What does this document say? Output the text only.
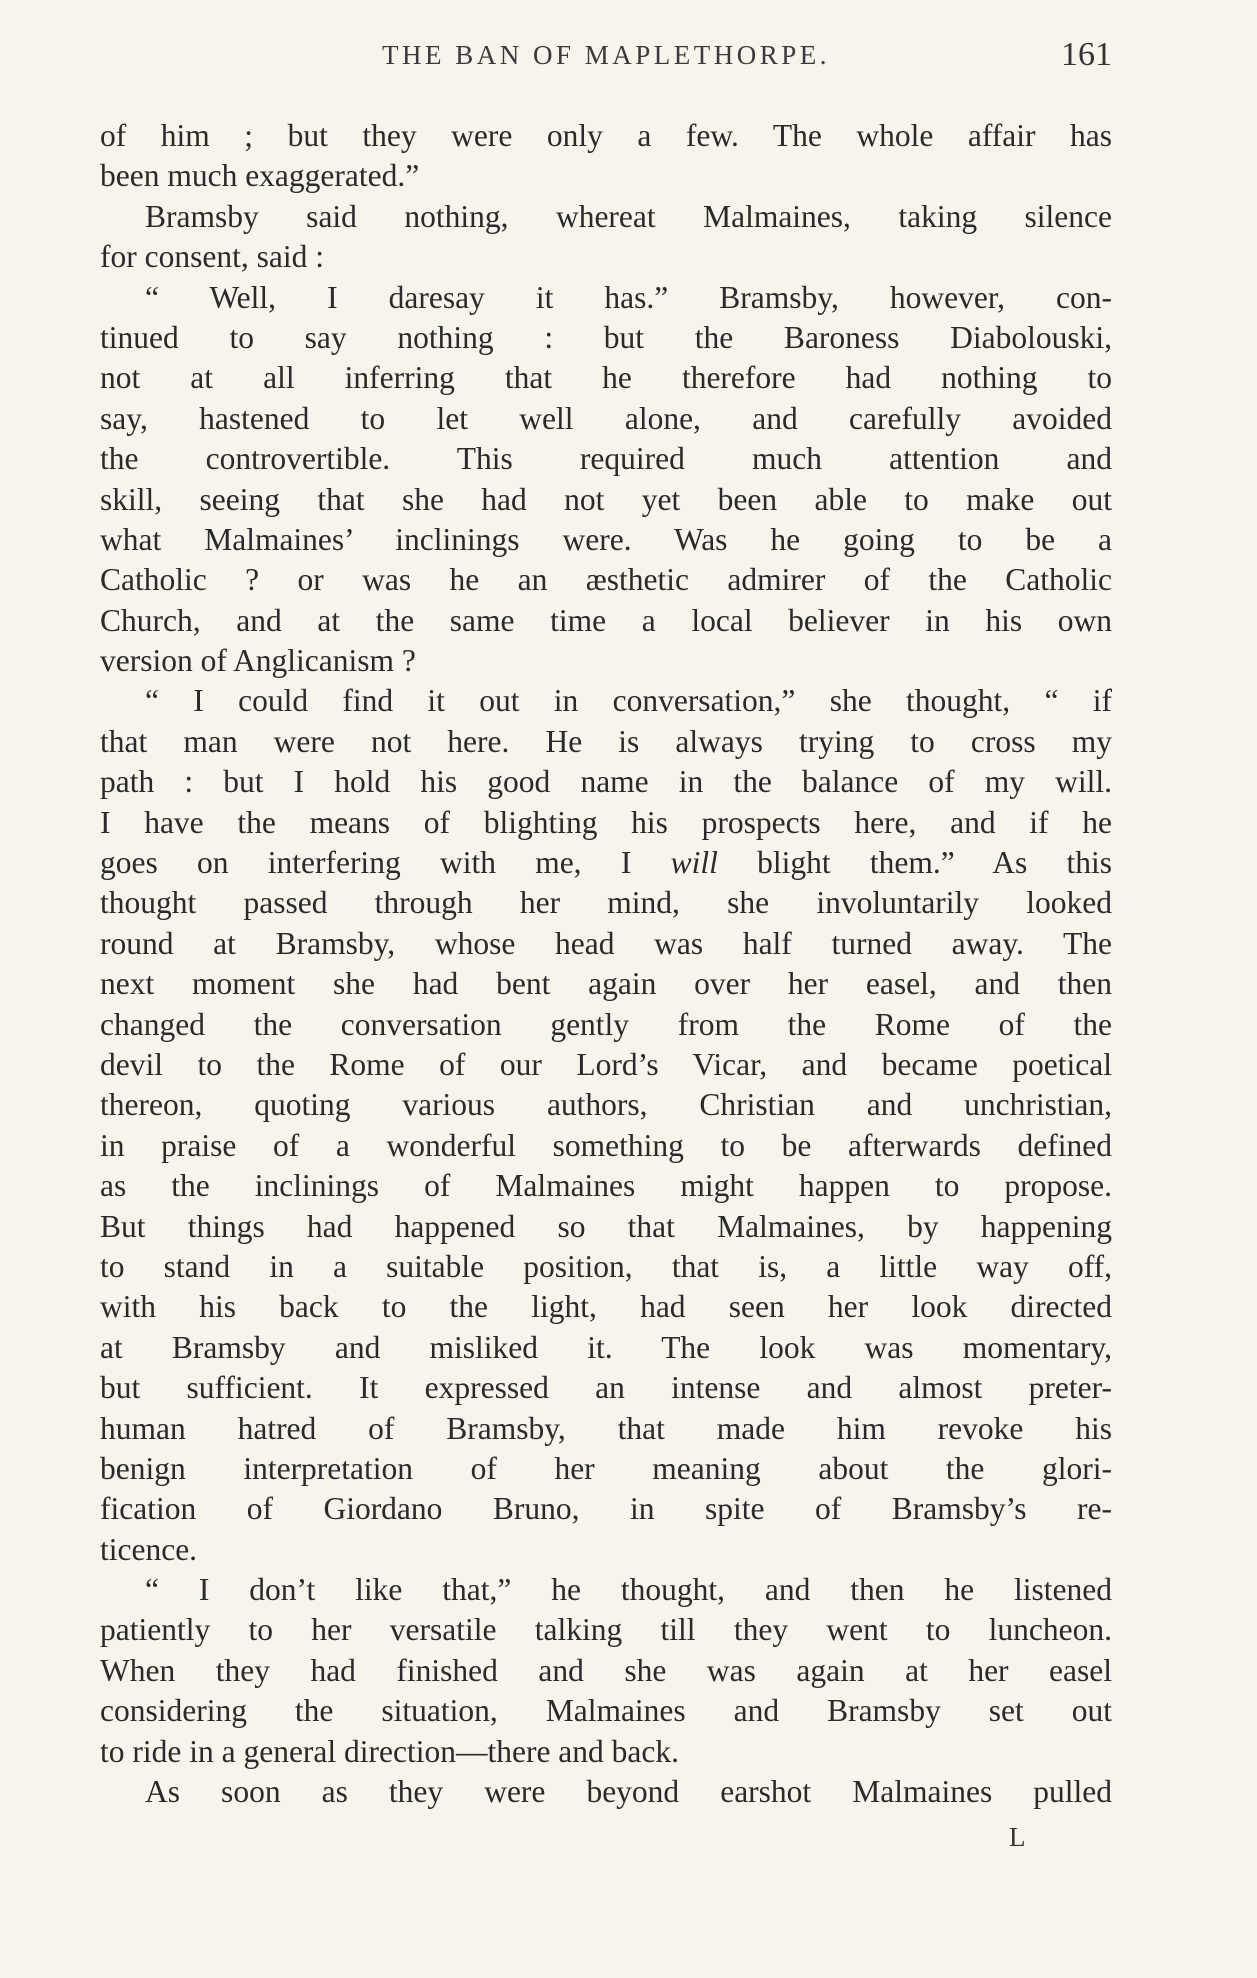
THE BAN OF MAPLETHORPE.	161
of him ; but they were only a few. The whole affair has
been much exaggerated.”
Bramsby said nothing, whereat Malmaines, taking silence
for consent, said :
“ Well, I daresay it has.” Bramsby, however, con-
tinued to say nothing : but the Baroness Diabolouski,
not at all inferring that he therefore had nothing to
say, hastened to let well alone, and carefully avoided
the controvertible. This required much attention and
skill, seeing that she had not yet been able to make out
what Malmaines’ inclinings were. Was he going to be a
Catholic ? or was he an æsthetic admirer of the Catholic
Church, and at the same time a local believer in his own
version of Anglicanism ?
“ I could find it out in conversation,” she thought, “ if
that man were not here. He is always trying to cross my
path : but I hold his good name in the balance of my will.
I have the means of blighting his prospects here, and if he
goes on interfering with me, I will blight them.” As this
thought passed through her mind, she involuntarily looked
round at Bramsby, whose head was half turned away. The
next moment she had bent again over her easel, and then
changed the conversation gently from the Rome of the
devil to the Rome of our Lord’s Vicar, and became poetical
thereon, quoting various authors, Christian and unchristian,
in praise of a wonderful something to be afterwards defined
as the inclinings of Malmaines might happen to propose.
But things had happened so that Malmaines, by happening
to stand in a suitable position, that is, a little way off,
with his back to the light, had seen her look directed
at Bramsby and misliked it. The look was momentary,
but sufficient. It expressed an intense and almost preter-
human hatred of Bramsby, that made him revoke his
benign interpretation of her meaning about the glori-
fication of Giordano Bruno, in spite of Bramsby’s re-
ticence.
“ I don’t like that,” he thought, and then he listened
patiently to her versatile talking till they went to luncheon.
When they had finished and she was again at her easel
considering the situation, Malmaines and Bramsby set out
to ride in a general direction—there and back.
As soon as they were beyond earshot Malmaines pulled
L
